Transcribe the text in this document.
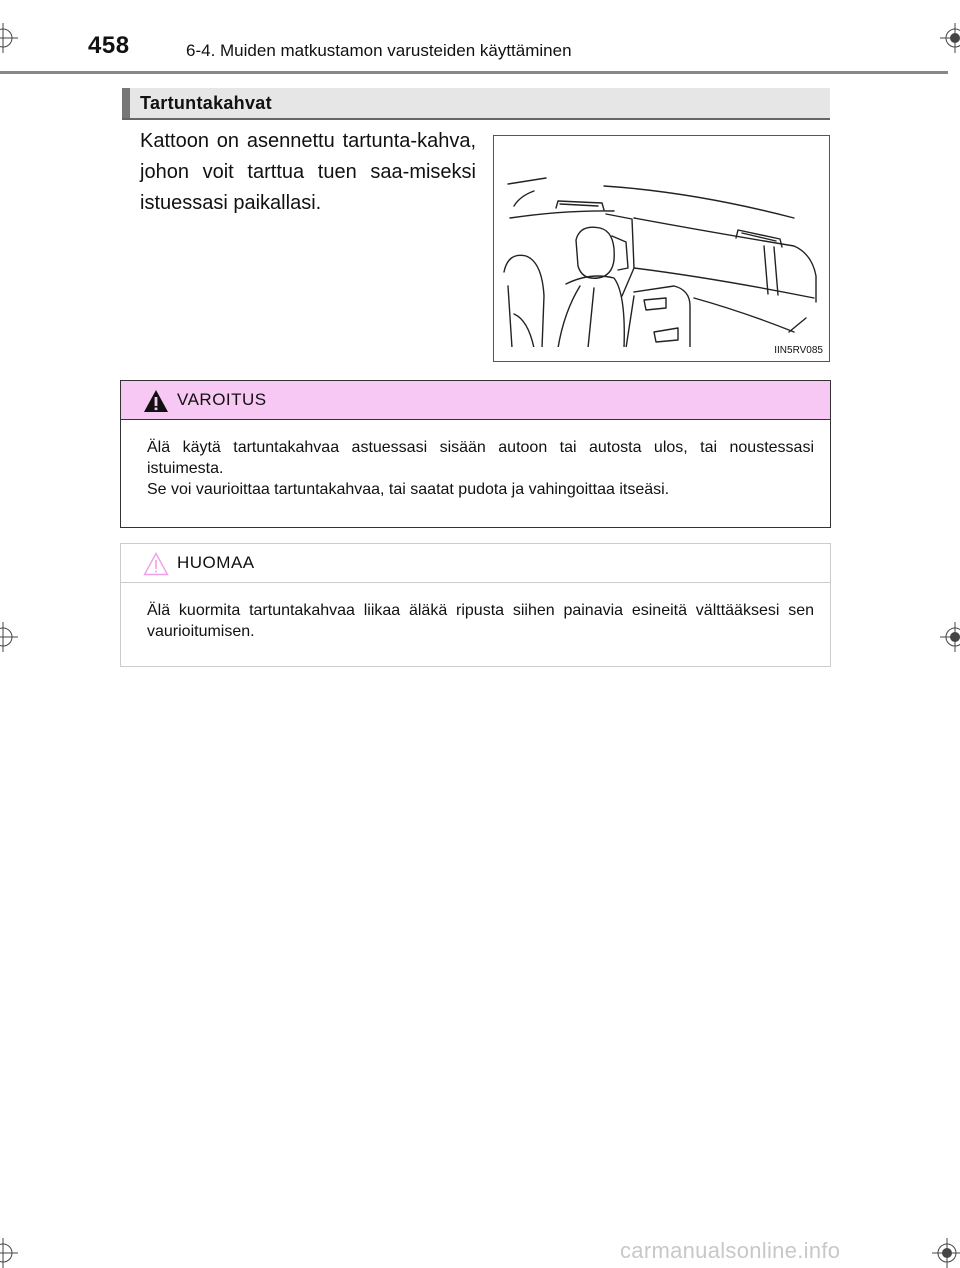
458	6-4. Muiden matkustamon varusteiden käyttäminen
Tartuntakahvat
Kattoon on asennettu tartunta-kahva, johon voit tarttua tuen saa-miseksi istuessasi paikallasi.
IIN5RV085
VAROITUS
Älä käytä tartuntakahvaa astuessasi sisään autoon tai autosta ulos, tai noustessasi istuimesta.
Se voi vaurioittaa tartuntakahvaa, tai saatat pudota ja vahingoittaa itseäsi.
HUOMAA
Älä kuormita tartuntakahvaa liikaa äläkä ripusta siihen painavia esineitä välttääksesi sen vaurioitumisen.
carmanualsonline.info
